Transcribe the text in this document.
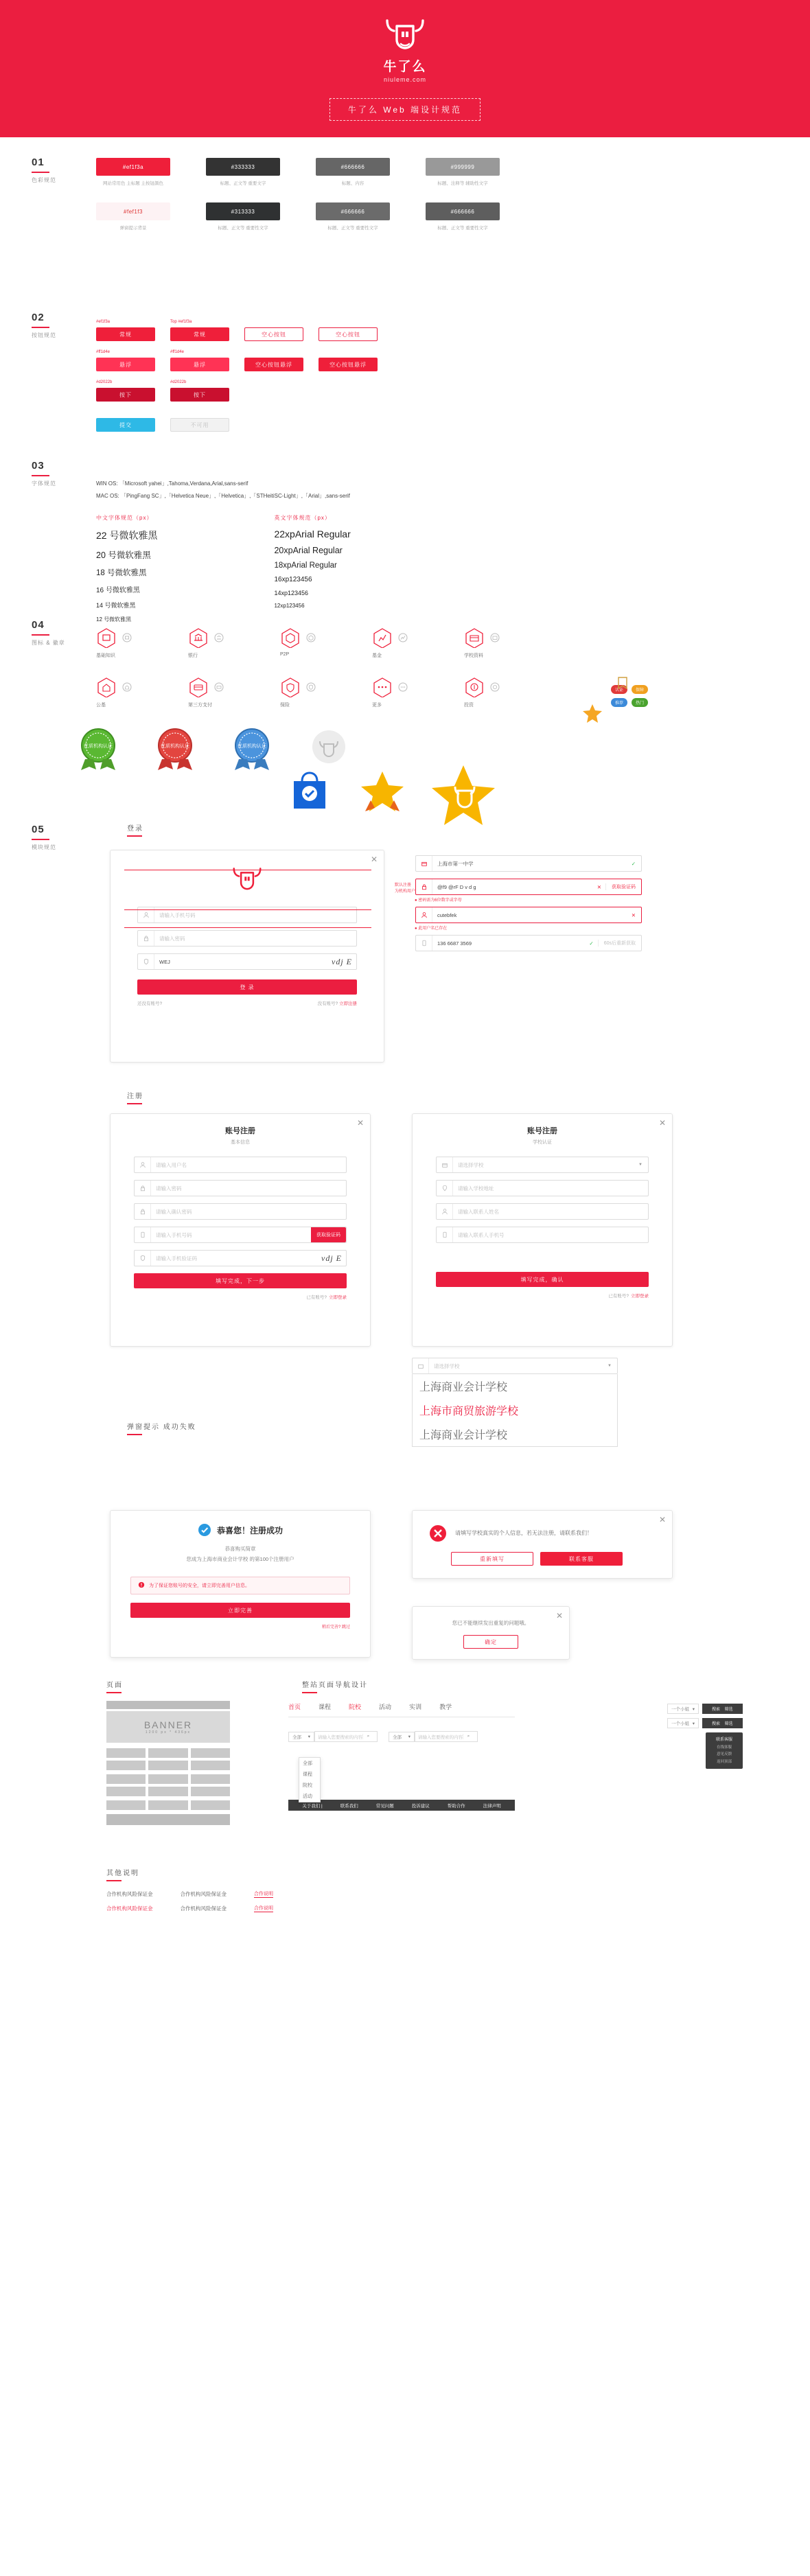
牛了么
niuleme.com
牛了么 Web 端设计规范
01
色彩规范
#ef1f3a
网站常用色 主标题 主按钮颜色
#333333
标题、正文等 重要文字
#666666
标题、内容
#999999
标题、注释等 辅助性文字
#fef1f3
弹窗提示背景
#313333
标题、正文等 重要性文字
#666666
标题、正文等 重要性文字
#666666
标题、正文等 重要性文字
02
按钮规范
#ef1f3a
常规
Top #ef1f3a
常规	空心按钮	空心按钮
#ff1d4e
悬浮
#ff1d4e
悬浮	空心按钮悬浮	空心按钮悬浮
#d2022b
按下
#d2022b
按下
提交	不可用
03
字体规范	WIN OS: 「Microsoft yahei」,Tahoma,Verdana,Arial,sans-serif
MAC OS: 「PingFang SC」,「Helvetica Neue」,「Helvetica」,「STHeitiSC-Light」,「Arial」,sans-serif
中文字体规范（px）
22 号微软雅黑
20 号微软雅黑
18 号微软雅黑
16 号微软雅黑
14 号微软雅黑
12 号微软雅黑
英文字体规范（px）
22xpArial Regular
20xpArial Regular
18xpArial Regular
16xp123456
14xp123456
12xp123456
04
图标 & 徽章
基础知识	银行	P2P	基金	学校资料
公基	第三方支付	保险	更多	投资
认证	保障
推荐	热门
优质机构认证	优质机构认证	优质机构认证
05
模块规范
登录
✕
请输入手机号码
请输入密码
WEJ	vdj E
登 录
还没有账号?	没有账号? 立即注册
默认注册
为机构用户
上海市第一中学	✓
@f9 @rF D v d g	✕	获取验证码
● 密码需为6位数字或字母
cutebfek	✕
● 此用户名已存在
136 6687 3569	✓	60s后重新获取
注册
✕
账号注册
基本信息
请输入用户名
请输入密码
请输入确认密码
请输入手机号码	获取验证码
请输入手机验证码	vdj E
填写完成，下一步
已有账号? 立即登录
✕
账号注册
学校认证
请选择学校	▼
请输入学校地址
请输入联系人姓名
请输入联系人手机号
填写完成，确认
已有账号? 立即登录
请选择学校	▼
上海商业会计学校
上海市商贸旅游学校
上海商业会计学校
弹窗提示 成功失败
恭喜您！注册成功
恭喜购买简章
您成为上海市商业会计学校 的第100个注册用户
为了保证您账号的安全，请立即完善用户信息。
立即完善
稍后完善? 跳过
✕
请填写学校真实的个人信息，若无法注册，请联系我们！
重新填写	联系客服
✕
您已不能继续发出重复的问题哦。
确定
页面	整站页面导航设计
BANNER
1200 px * 436px
首页	课程	院校	活动	实训	教学
全部 ▾	请输入您要搜索的内容	⌕	全部 ▾	请输入您要搜索的内容	⌕
全部
课程
院校
活动
关于我们 |	联系我们	常见问题	投诉建议	帮助合作	法律声明
一个小姐 ▾	搜索    筛选
一个小姐 ▾	搜索    筛选
联系客服
在线客服
意见反馈
返回顶部
其他说明
合作机构风险保证金	合作机构风险保证金	合作说明
合作机构风险保证金	合作机构风险保证金	合作说明
